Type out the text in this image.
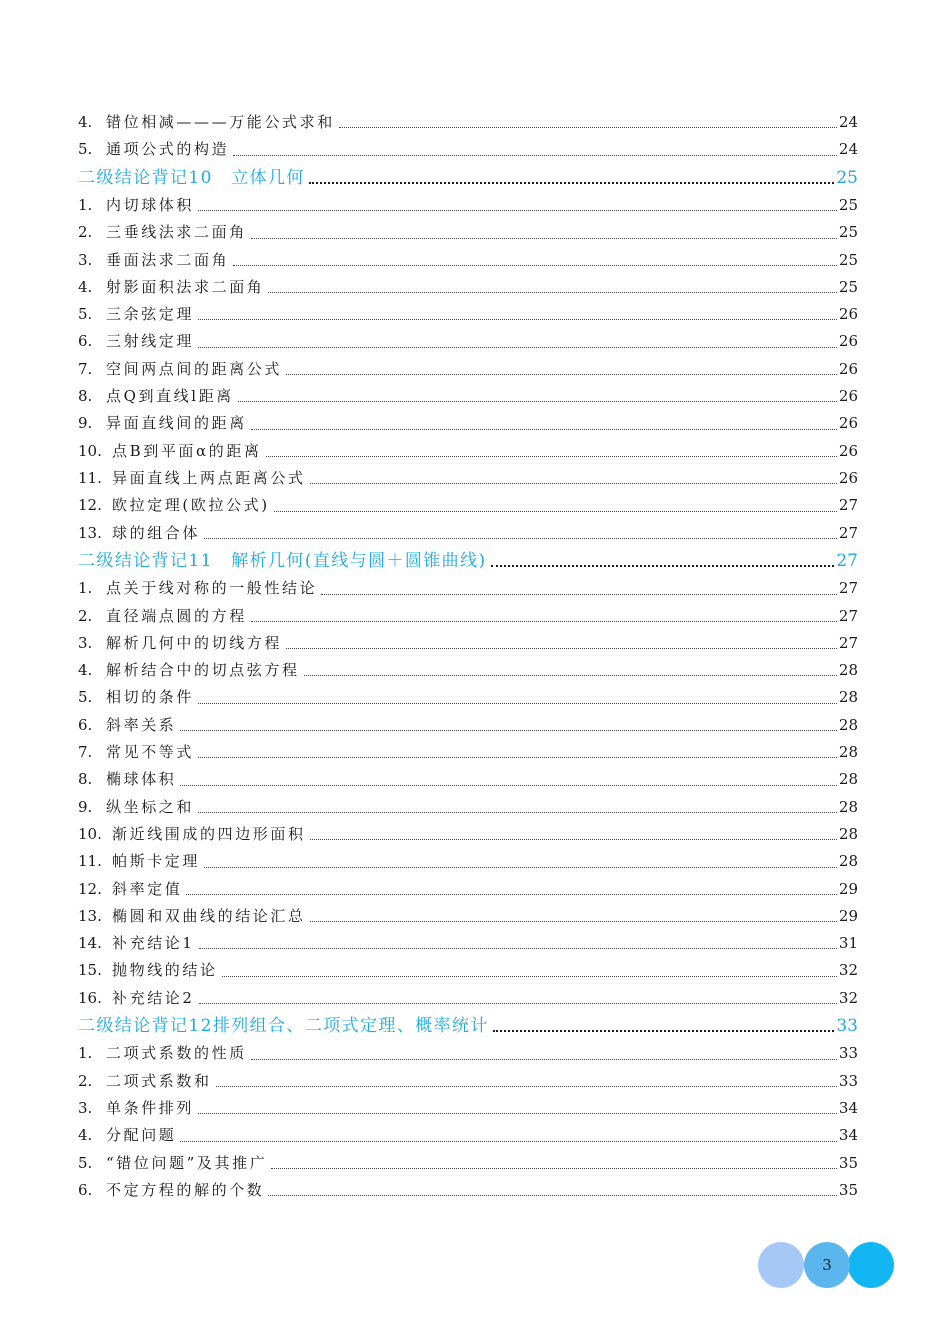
4. 错位相减———万能公式求和	24
5. 通项公式的构造	24
二级结论背记10　立体几何	25
1. 内切球体积	25
2. 三垂线法求二面角	25
3. 垂面法求二面角	25
4. 射影面积法求二面角	25
5. 三余弦定理	26
6. 三射线定理	26
7. 空间两点间的距离公式	26
8. 点Q到直线l距离	26
9. 异面直线间的距离	26
10. 点B到平面α的距离	26
11. 异面直线上两点距离公式	26
12. 欧拉定理(欧拉公式)	27
13. 球的组合体	27
二级结论背记11　解析几何(直线与圆＋圆锥曲线)	27
1. 点关于线对称的一般性结论	27
2. 直径端点圆的方程	27
3. 解析几何中的切线方程	27
4. 解析结合中的切点弦方程	28
5. 相切的条件	28
6. 斜率关系	28
7. 常见不等式	28
8. 椭球体积	28
9. 纵坐标之和	28
10. 渐近线围成的四边形面积	28
11. 帕斯卡定理	28
12. 斜率定值	29
13. 椭圆和双曲线的结论汇总	29
14. 补充结论1	31
15. 抛物线的结论	32
16. 补充结论2	32
二级结论背记12排列组合、二项式定理、概率统计	33
1. 二项式系数的性质	33
2. 二项式系数和	33
3. 单条件排列	34
4. 分配问题	34
5. “错位问题”及其推广	35
6. 不定方程的解的个数	35
3
